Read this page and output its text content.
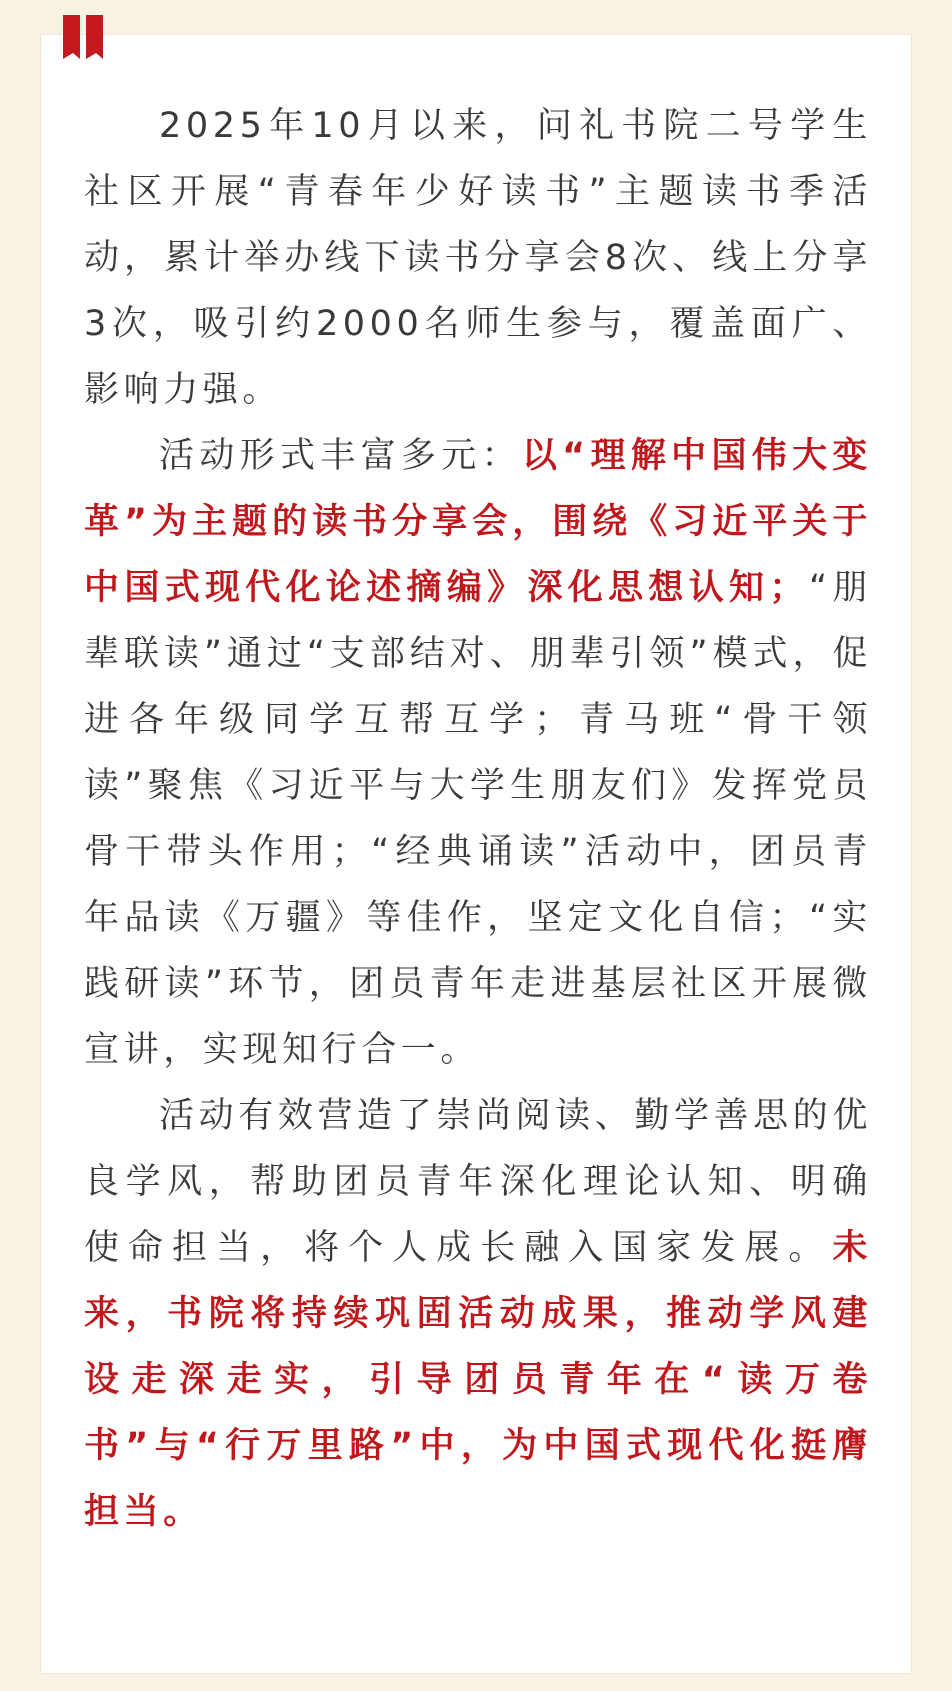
2025年10月以来，问礼书院二号学生社区开展“青春年少好读书”主题读书季活动，累计举办线下读书分享会8次、线上分享3次，吸引约2000名师生参与，覆盖面广、影响力强。

活动形式丰富多元：以“理解中国伟大变革”为主题的读书分享会，围绕《习近平关于中国式现代化论述摘编》深化思想认知；“朋辈联读”通过“支部结对、朋辈引领”模式，促进各年级同学互帮互学；青马班“骨干领读”聚焦《习近平与大学生朋友们》发挥党员骨干带头作用；“经典诵读”活动中，团员青年品读《万疆》等佳作，坚定文化自信；“实践研读”环节，团员青年走进基层社区开展微宣讲，实现知行合一。

活动有效营造了崇尚阅读、勤学善思的优良学风，帮助团员青年深化理论认知、明确使命担当，将个人成长融入国家发展。未来，书院将持续巩固活动成果，推动学风建设走深走实，引导团员青年在“读万卷书”与“行万里路”中，为中国式现代化挺膺担当。
